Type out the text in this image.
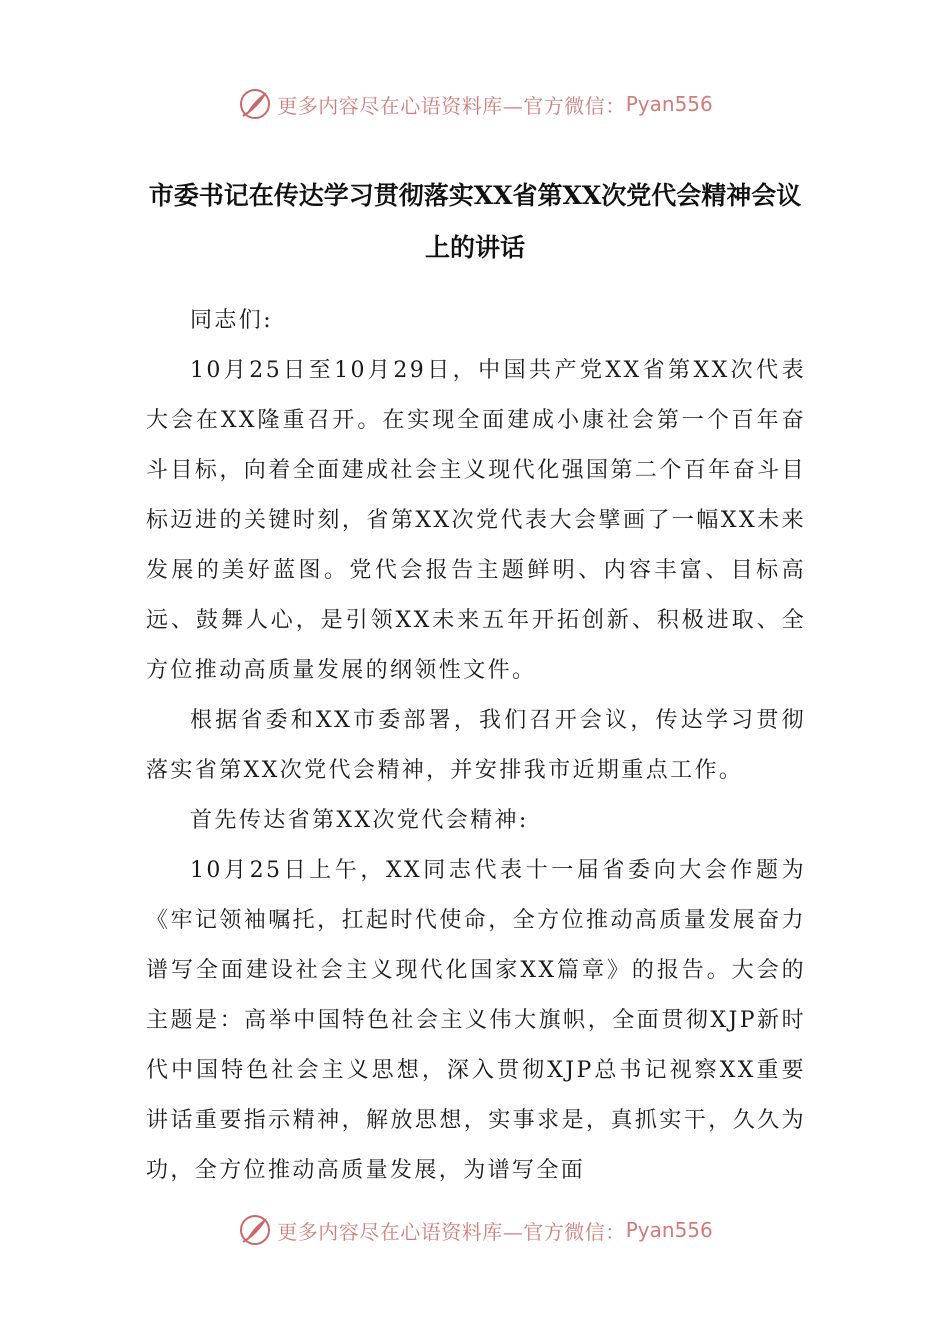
更多内容尽在心语资料库—官方微信： Pyan556
市委书记在传达学习贯彻落实XX省第XX次党代会精神会议上的讲话

同志们:

10月25日至10月29日，中国共产党XX省第XX次代表大会在XX隆重召开。在实现全面建成小康社会第一个百年奋斗目标，向着全面建成社会主义现代化强国第二个百年奋斗目标迈进的关键时刻，省第XX次党代表大会擘画了一幅XX未来发展的美好蓝图。党代会报告主题鲜明、内容丰富、目标高远、鼓舞人心，是引领XX未来五年开拓创新、积极进取、全方位推动高质量发展的纲领性文件。

根据省委和XX市委部署，我们召开会议，传达学习贯彻落实省第XX次党代会精神，并安排我市近期重点工作。

首先传达省第XX次党代会精神:

10月25日上午，XX同志代表十一届省委向大会作题为《牢记领袖嘱托，扛起时代使命，全方位推动高质量发展奋力谱写全面建设社会主义现代化国家XX篇章》的报告。大会的主题是：高举中国特色社会主义伟大旗帜，全面贯彻XJP新时代中国特色社会主义思想，深入贯彻XJP总书记视察XX重要讲话重要指示精神，解放思想，实事求是，真抓实干，久久为功，全方位推动高质量发展，为谱写全面

更多内容尽在心语资料库—官方微信： Pyan556
